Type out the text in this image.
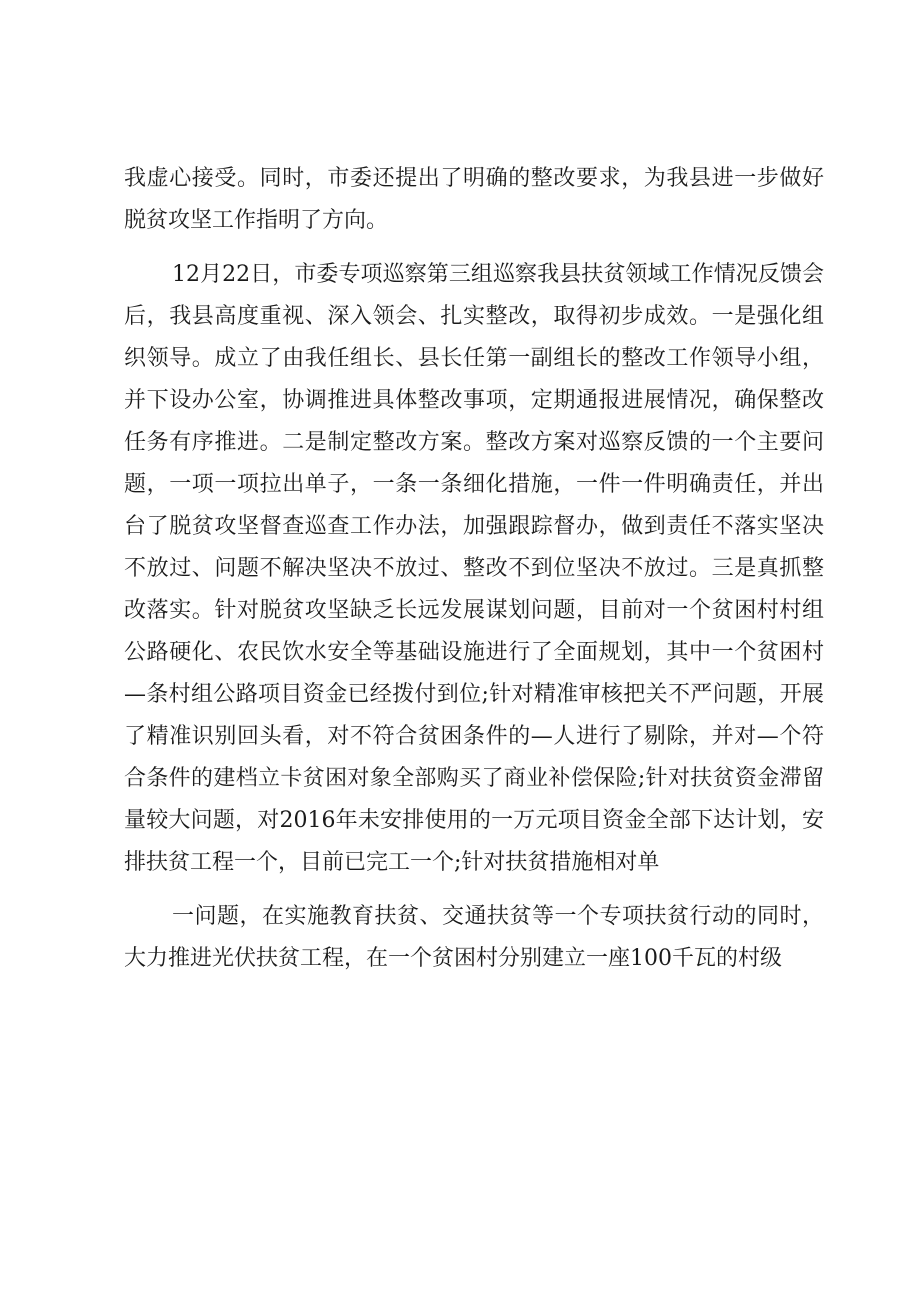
我虚心接受。同时，市委还提出了明确的整改要求，为我县进一步做好脱贫攻坚工作指明了方向。

12月22日，市委专项巡察第三组巡察我县扶贫领域工作情况反馈会后，我县高度重视、深入领会、扎实整改，取得初步成效。一是强化组织领导。成立了由我任组长、县长任第一副组长的整改工作领导小组，并下设办公室，协调推进具体整改事项，定期通报进展情况，确保整改任务有序推进。二是制定整改方案。整改方案对巡察反馈的一个主要问题，一项一项拉出单子，一条一条细化措施，一件一件明确责任，并出台了脱贫攻坚督查巡查工作办法，加强跟踪督办，做到责任不落实坚决不放过、问题不解决坚决不放过、整改不到位坚决不放过。三是真抓整改落实。针对脱贫攻坚缺乏长远发展谋划问题，目前对一个贫困村村组公路硬化、农民饮水安全等基础设施进行了全面规划，其中一个贫困村—条村组公路项目资金已经拨付到位;针对精准审核把关不严问题，开展了精准识别回头看，对不符合贫困条件的—人进行了剔除，并对—个符合条件的建档立卡贫困对象全部购买了商业补偿保险;针对扶贫资金滞留量较大问题，对2016年未安排使用的一万元项目资金全部下达计划，安排扶贫工程一个，目前已完工一个;针对扶贫措施相对单

一问题，在实施教育扶贫、交通扶贫等一个专项扶贫行动的同时，大力推进光伏扶贫工程，在一个贫困村分别建立一座100千瓦的村级
